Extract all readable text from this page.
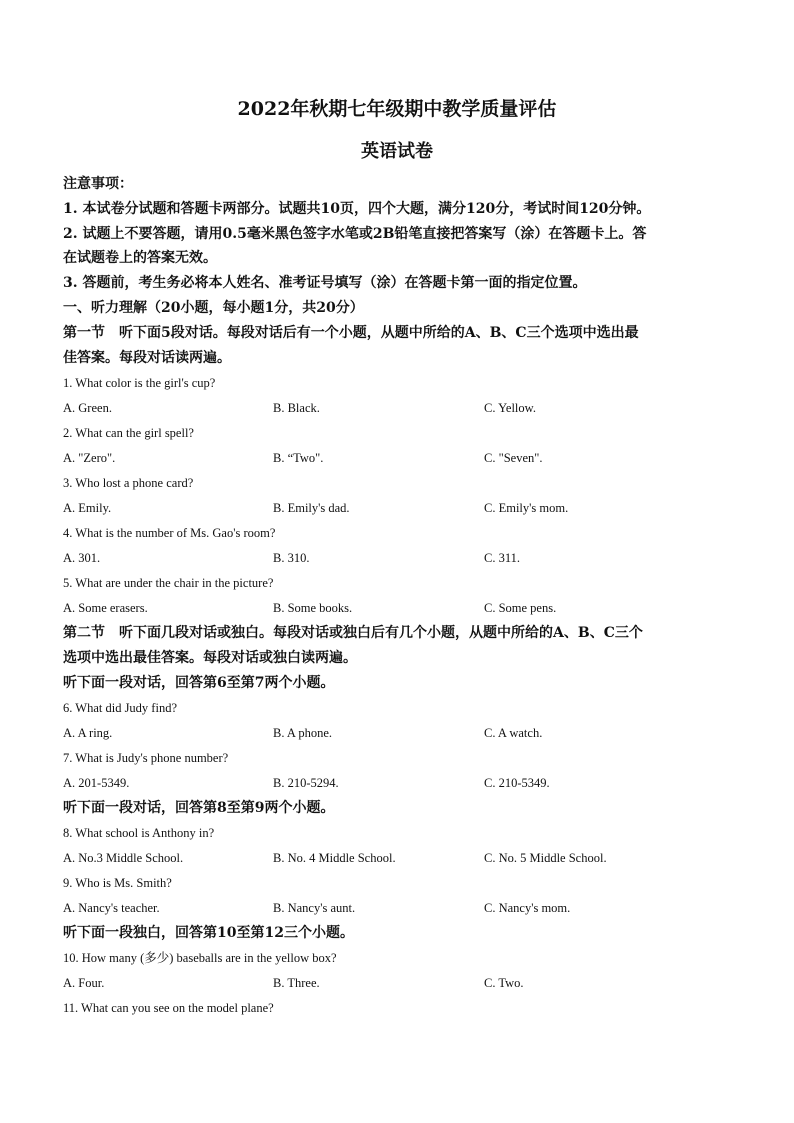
2022年秋期七年级期中教学质量评估
英语试卷
注意事项：
1. 本试卷分试题和答题卡两部分。试题共10页，四个大题，满分120分，考试时间120分钟。
2. 试题上不要答题，请用0.5毫米黑色签字水笔或2B铅笔直接把答案写（涂）在答题卡上。答
在试题卷上的答案无效。
3. 答题前，考生务必将本人姓名、准考证号填写（涂）在答题卡第一面的指定位置。
一、听力理解（20小题，每小题1分，共20分）
第一节　听下面5段对话。每段对话后有一个小题，从题中所给的A、B、C三个选项中选出最
佳答案。每段对话读两遍。
1. What color is the girl's cup?
A. Green.	B. Black.	C. Yellow.
2. What can the girl spell?
A. "Zero".	B. “Two".	C. "Seven".
3. Who lost a phone card?
A. Emily.	B. Emily's dad.	C. Emily's mom.
4. What is the number of Ms. Gao's room?
A. 301.	B. 310.	C. 311.
5. What are under the chair in the picture?
A. Some erasers.	B. Some books.	C. Some pens.
第二节　听下面几段对话或独白。每段对话或独白后有几个小题，从题中所给的A、B、C三个
选项中选出最佳答案。每段对话或独白读两遍。
听下面一段对话，回答第6至第7两个小题。
6. What did Judy find?
A. A ring.	B. A phone.	C. A watch.
7. What is Judy's phone number?
A. 201-5349.	B. 210-5294.	C. 210-5349.
听下面一段对话，回答第8至第9两个小题。
8. What school is Anthony in?
A. No.3 Middle School.	B. No. 4 Middle School.	C. No. 5 Middle School.
9. Who is Ms. Smith?
A. Nancy's teacher.	B. Nancy's aunt.	C. Nancy's mom.
听下面一段独白，回答第10至第12三个小题。
10. How many (多少) baseballs are in the yellow box?
A. Four.	B. Three.	C. Two.
11. What can you see on the model plane?
